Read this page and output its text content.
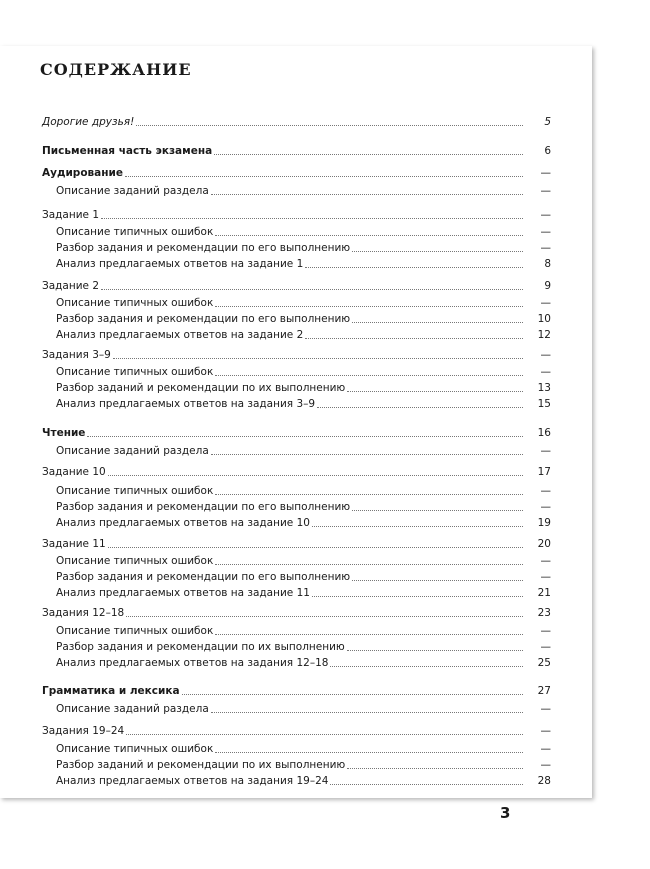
СОДЕРЖАНИЕ
Дорогие друзья!	5
Письменная часть экзамена	6
Аудирование	—
Описание заданий раздела	—
Задание 1	—
Описание типичных ошибок	—
Разбор задания и рекомендации по его выполнению	—
Анализ предлагаемых ответов на задание 1	8
Задание 2	9
Описание типичных ошибок	—
Разбор задания и рекомендации по его выполнению	10
Анализ предлагаемых ответов на задание 2	12
Задания 3–9	—
Описание типичных ошибок	—
Разбор заданий и рекомендации по их выполнению	13
Анализ предлагаемых ответов на задания 3–9	15
Чтение	16
Описание заданий раздела	—
Задание 10	17
Описание типичных ошибок	—
Разбор задания и рекомендации по его выполнению	—
Анализ предлагаемых ответов на задание 10	19
Задание 11	20
Описание типичных ошибок	—
Разбор задания и рекомендации по его выполнению	—
Анализ предлагаемых ответов на задание 11	21
Задания 12–18	23
Описание типичных ошибок	—
Разбор задания и рекомендации по их выполнению	—
Анализ предлагаемых ответов на задания 12–18	25
Грамматика и лексика	27
Описание заданий раздела	—
Задания 19–24	—
Описание типичных ошибок	—
Разбор заданий и рекомендации по их выполнению	—
Анализ предлагаемых ответов на задания 19–24	28
3
